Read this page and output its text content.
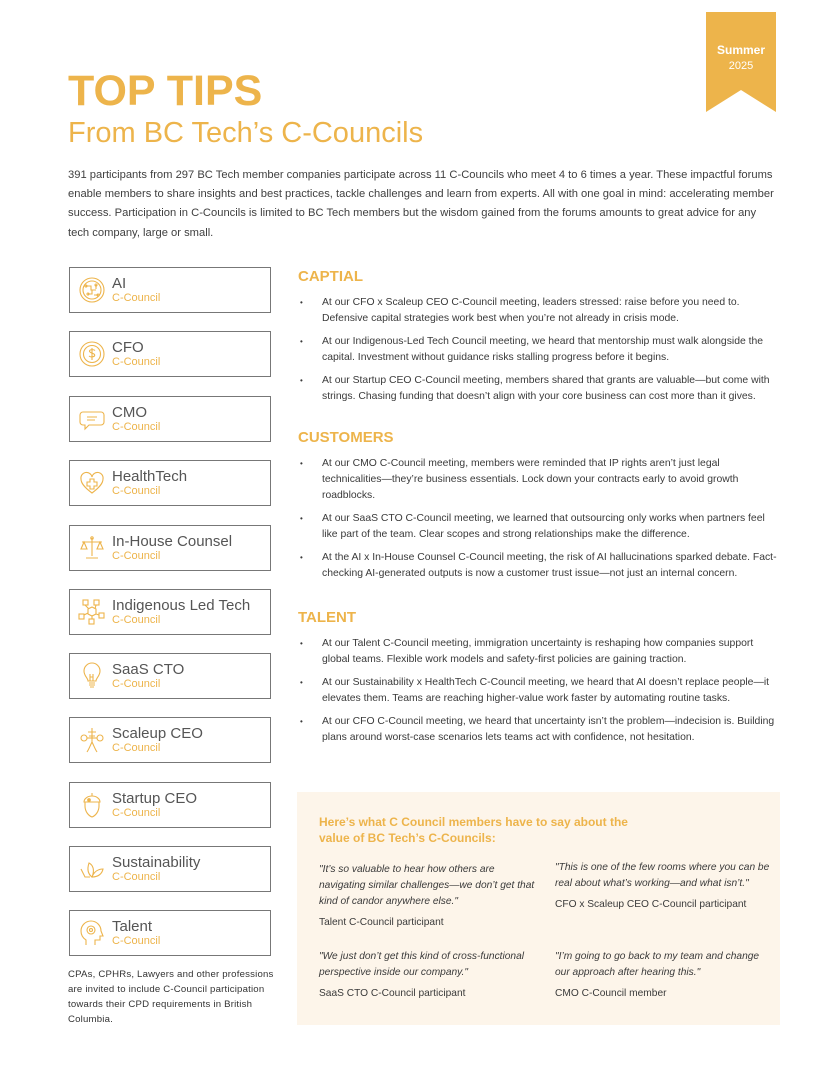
Summer
2025
TOP TIPS
From BC Tech’s C-Councils

391 participants from 297 BC Tech member companies participate across 11 C-Councils who meet 4 to 6 times a year. These impactful forums enable members to share insights and best practices, tackle challenges and learn from experts. All with one goal in mind: accelerating member success. Participation in C-Councils is limited to BC Tech members but the wisdom gained from the forums amounts to great advice for any tech company, large or small.

AI
C-Council
CFO
C-Council
CMO
C-Council
HealthTech
C-Council
In-House Counsel
C-Council
Indigenous Led Tech
C-Council
SaaS CTO
C-Council
Scaleup CEO
C-Council
Startup CEO
C-Council
Sustainability
C-Council
Talent
C-Council

CPAs, CPHRs, Lawyers and other professions are invited to include C-Council participation towards their CPD requirements in British Columbia.

CAPTIAL
• At our CFO x Scaleup CEO C-Council meeting, leaders stressed: raise before you need to. Defensive capital strategies work best when you’re not already in crisis mode.
• At our Indigenous-Led Tech Council meeting, we heard that mentorship must walk alongside the capital. Investment without guidance risks stalling progress before it begins.
• At our Startup CEO C-Council meeting, members shared that grants are valuable—but come with strings. Chasing funding that doesn’t align with your core business can cost more than it gives.
CUSTOMERS
• At our CMO C-Council meeting, members were reminded that IP rights aren’t just legal technicalities—they’re business essentials. Lock down your contracts early to avoid growth roadblocks.
• At our SaaS CTO C-Council meeting, we learned that outsourcing only works when partners feel like part of the team. Clear scopes and strong relationships make the difference.
• At the AI x In-House Counsel C-Council meeting, the risk of AI hallucinations sparked debate. Fact-checking AI-generated outputs is now a customer trust issue—not just an internal concern.
TALENT
• At our Talent C-Council meeting, immigration uncertainty is reshaping how companies support global teams. Flexible work models and safety-first policies are gaining traction.
• At our Sustainability x HealthTech C-Council meeting, we heard that AI doesn’t replace people—it elevates them. Teams are reaching higher-value work faster by automating routine tasks.
• At our CFO C-Council meeting, we heard that uncertainty isn’t the problem—indecision is. Building plans around worst-case scenarios lets teams act with confidence, not hesitation.
Here’s what C Council members have to say about the value of BC Tech’s C-Councils:

"It’s so valuable to hear how others are navigating similar challenges—we don’t get that kind of candor anywhere else."

Talent C-Council participant

"This is one of the few rooms where you can be real about what’s working—and what isn’t."

CFO x Scaleup CEO C-Council participant

"We just don’t get this kind of cross-functional perspective inside our company."

SaaS CTO C-Council participant

"I’m going to go back to my team and change our approach after hearing this."

CMO C-Council member
